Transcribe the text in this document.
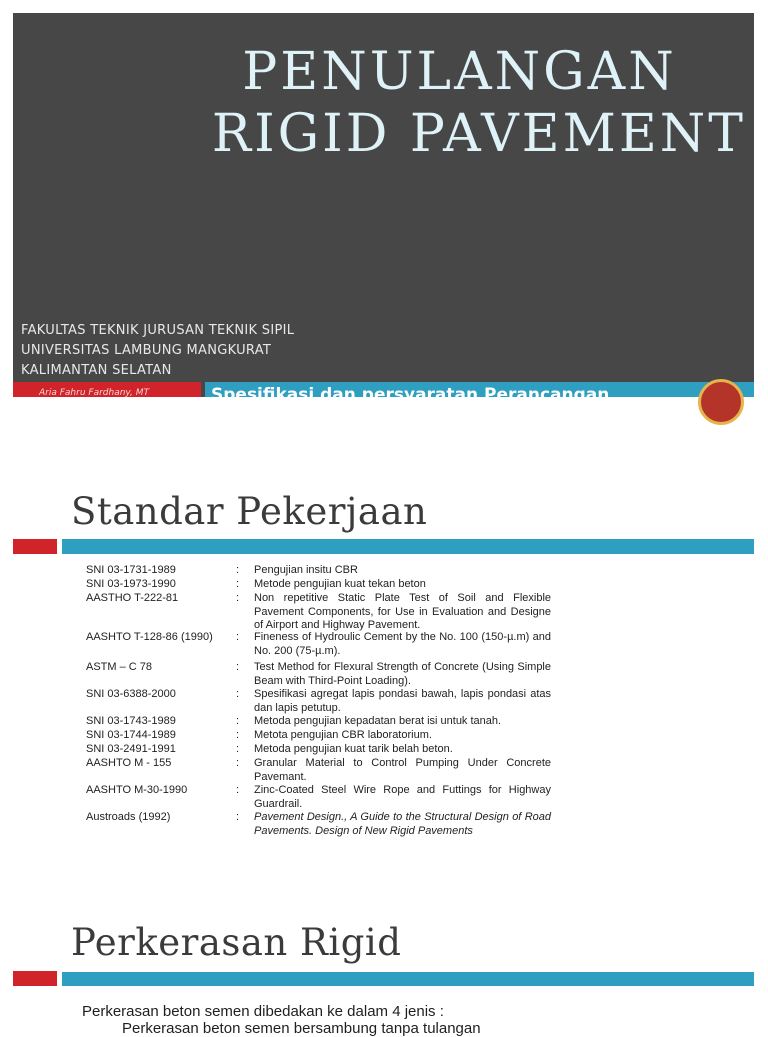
PENULANGAN
RIGID PAVEMENT
FAKULTAS TEKNIK JURUSAN TEKNIK SIPIL
UNIVERSITAS LAMBUNG MANGKURAT
KALIMANTAN SELATAN
Aria Fahru Fardhany, MT	Spesifikasi dan persyaratan Perancangan
Standar Pekerjaan
SNI 03-1731-1989	: Pengujian insitu CBR
SNI 03-1973-1990	: Metode pengujian kuat tekan beton
AASTHO T-222-81	: Non repetitive Static Plate Test of Soil and Flexible Pavement Components, for Use in Evaluation and Designe of Airport and Highway Pavement.
AASHTO T-128-86 (1990)	: Fineness of Hydroulic Cement by the No. 100 (150-µ.m) and No. 200 (75-µ.m).
ASTM – C 78	: Test Method for Flexural Strength of Concrete (Using Simple Beam with Third-Point Loading).
SNI 03-6388-2000	: Spesifikasi agregat lapis pondasi bawah, lapis pondasi atas dan lapis petutup.
SNI 03-1743-1989	: Metoda pengujian kepadatan berat isi untuk tanah.
SNI 03-1744-1989	: Metota pengujian CBR laboratorium.
SNI 03-2491-1991	: Metoda pengujian kuat tarik belah beton.
AASHTO M - 155	: Granular Material to Control Pumping Under Concrete Pavemant.
AASHTO M-30-1990	: Zinc-Coated Steel Wire Rope and Futtings for Highway Guardrail.
Austroads (1992)	: Pavement Design., A Guide to the Structural Design of Road Pavements. Design of New Rigid Pavements
Perkerasan Rigid
Perkerasan beton semen dibedakan ke dalam 4 jenis :
Perkerasan beton semen bersambung tanpa tulangan
